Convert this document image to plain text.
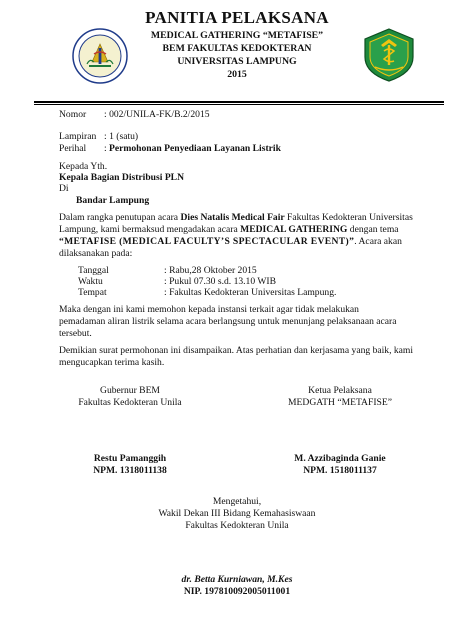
PANITIA PELAKSANA
MEDICAL GATHERING “METAFISE”
BEM FAKULTAS KEDOKTERAN
UNIVERSITAS LAMPUNG
2015
Nomor : 002/UNILA-FK/B.2/2015
Lampiran : 1 (satu)
Perihal : Permohonan Penyediaan Layanan Listrik
Kepada Yth.
Kepala Bagian Distribusi PLN
Di
Bandar Lampung
Dalam rangka penutupan acara Dies Natalis Medical Fair Fakultas Kedokteran Universitas
Lampung, kami bermaksud mengadakan acara MEDICAL GATHERING dengan tema
“METAFISE (MEDICAL FACULTY’S SPECTACULAR EVENT)”. Acara akan
dilaksanakan pada:
Tanggal	: Rabu,28 Oktober 2015
Waktu	: Pukul 07.30 s.d. 13.10 WIB
Tempat	: Fakultas Kedokteran Universitas Lampung.
Maka dengan ini kami memohon kepada instansi terkait agar tidak melakukan
pemadaman aliran listrik selama acara berlangsung untuk menunjang pelaksanaan acara
tersebut.
Demikian surat permohonan ini disampaikan. Atas perhatian dan kerjasama yang baik, kami
mengucapkan terima kasih.
Gubernur BEM
Fakultas Kedokteran Unila
Ketua Pelaksana
MEDGATH “METAFISE”
Restu Pamanggih
NPM. 1318011138
M. Azzibaginda Ganie
NPM. 1518011137
Mengetahui,
Wakil Dekan III Bidang Kemahasiswaan
Fakultas Kedokteran Unila
dr. Betta Kurniawan, M.Kes
NIP. 197810092005011001
